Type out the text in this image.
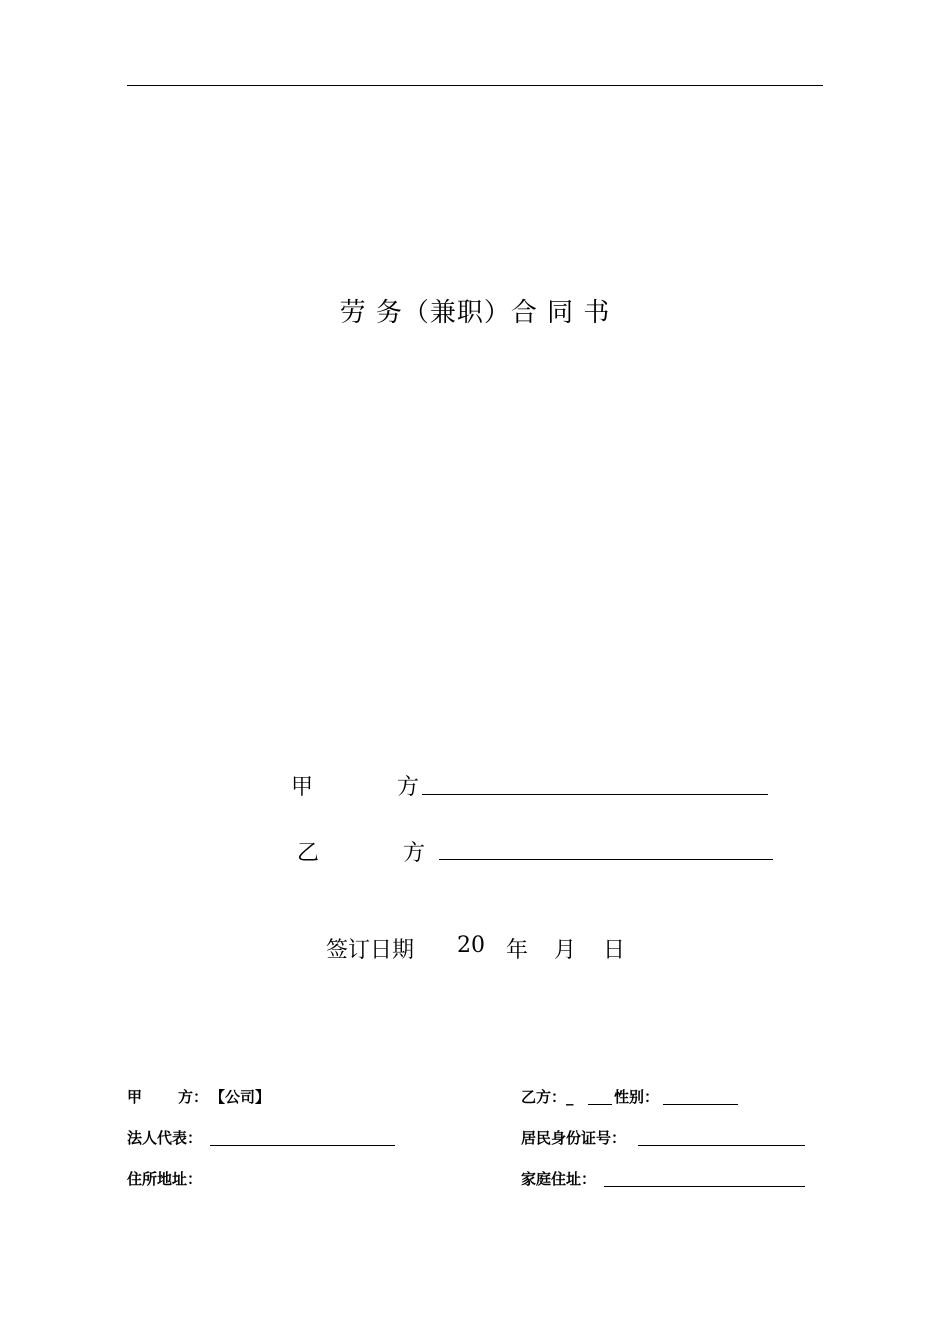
劳 务（兼职）合 同 书
甲	方
乙	方
签订日期 20 年 月 日
甲 方： 【公司】	乙方：_	性别：
法人代表：	居民身份证号：
住所地址：	家庭住址：
